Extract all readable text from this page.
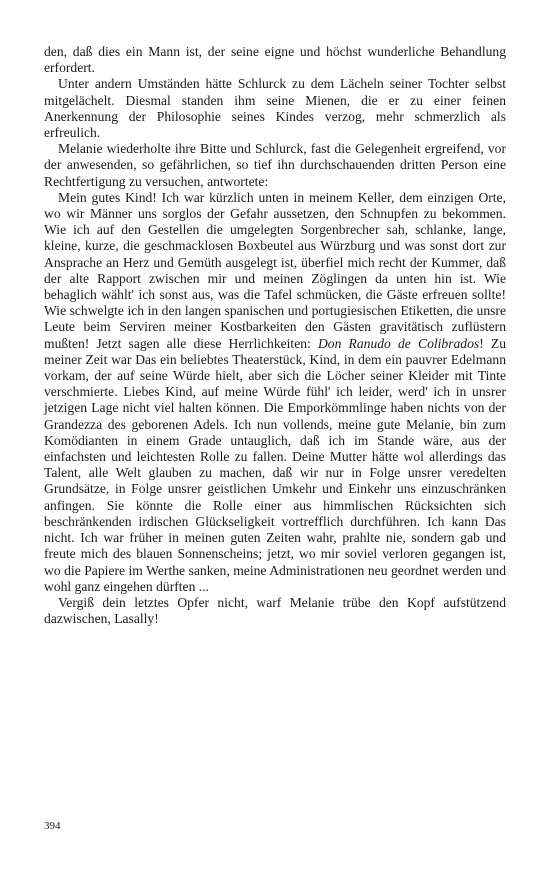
den, daß dies ein Mann ist, der seine eigne und höchst wunderliche Behandlung erfordert.

Unter andern Umständen hätte Schlurck zu dem Lächeln seiner Tochter selbst mitgelächelt. Diesmal standen ihm seine Mienen, die er zu einer feinen Anerkennung der Philosophie seines Kindes verzog, mehr schmerzlich als erfreulich.

Melanie wiederholte ihre Bitte und Schlurck, fast die Gelegenheit ergreifend, vor der anwesenden, so gefährlichen, so tief ihn durchschauenden dritten Person eine Rechtfertigung zu versuchen, antwortete:

Mein gutes Kind! Ich war kürzlich unten in meinem Keller, dem einzigen Orte, wo wir Männer uns sorglos der Gefahr aussetzen, den Schnupfen zu bekommen. Wie ich auf den Gestellen die umgelegten Sorgenbrecher sah, schlanke, lange, kleine, kurze, die geschmacklosen Boxbeutel aus Würzburg und was sonst dort zur Ansprache an Herz und Gemüth ausgelegt ist, überfiel mich recht der Kummer, daß der alte Rapport zwischen mir und meinen Zöglingen da unten hin ist. Wie behaglich wählt' ich sonst aus, was die Tafel schmücken, die Gäste erfreuen sollte! Wie schwelgte ich in den langen spanischen und portugiesischen Etiketten, die unsre Leute beim Serviren meiner Kostbarkeiten den Gästen gravitätisch zuflüstern mußten! Jetzt sagen alle diese Herrlichkeiten: Don Ranudo de Colibrados! Zu meiner Zeit war Das ein beliebtes Theaterstück, Kind, in dem ein pauvrer Edelmann vorkam, der auf seine Würde hielt, aber sich die Löcher seiner Kleider mit Tinte verschmierte. Liebes Kind, auf meine Würde fühl' ich leider, werd' ich in unsrer jetzigen Lage nicht viel halten können. Die Emporkömmlinge haben nichts von der Grandezza des geborenen Adels. Ich nun vollends, meine gute Melanie, bin zum Komödianten in einem Grade untauglich, daß ich im Stande wäre, aus der einfachsten und leichtesten Rolle zu fallen. Deine Mutter hätte wol allerdings das Talent, alle Welt glauben zu machen, daß wir nur in Folge unsrer veredelten Grundsätze, in Folge unsrer geistlichen Umkehr und Einkehr uns einzuschränken anfingen. Sie könnte die Rolle einer aus himmlischen Rücksichten sich beschränkenden irdischen Glückseligkeit vortrefflich durchführen. Ich kann Das nicht. Ich war früher in meinen guten Zeiten wahr, prahlte nie, sondern gab und freute mich des blauen Sonnenscheins; jetzt, wo mir soviel verloren gegangen ist, wo die Papiere im Werthe sanken, meine Administrationen neu geordnet werden und wohl ganz eingehen dürften ...

Vergiß dein letztes Opfer nicht, warf Melanie trübe den Kopf aufstützend dazwischen, Lasally!

394
